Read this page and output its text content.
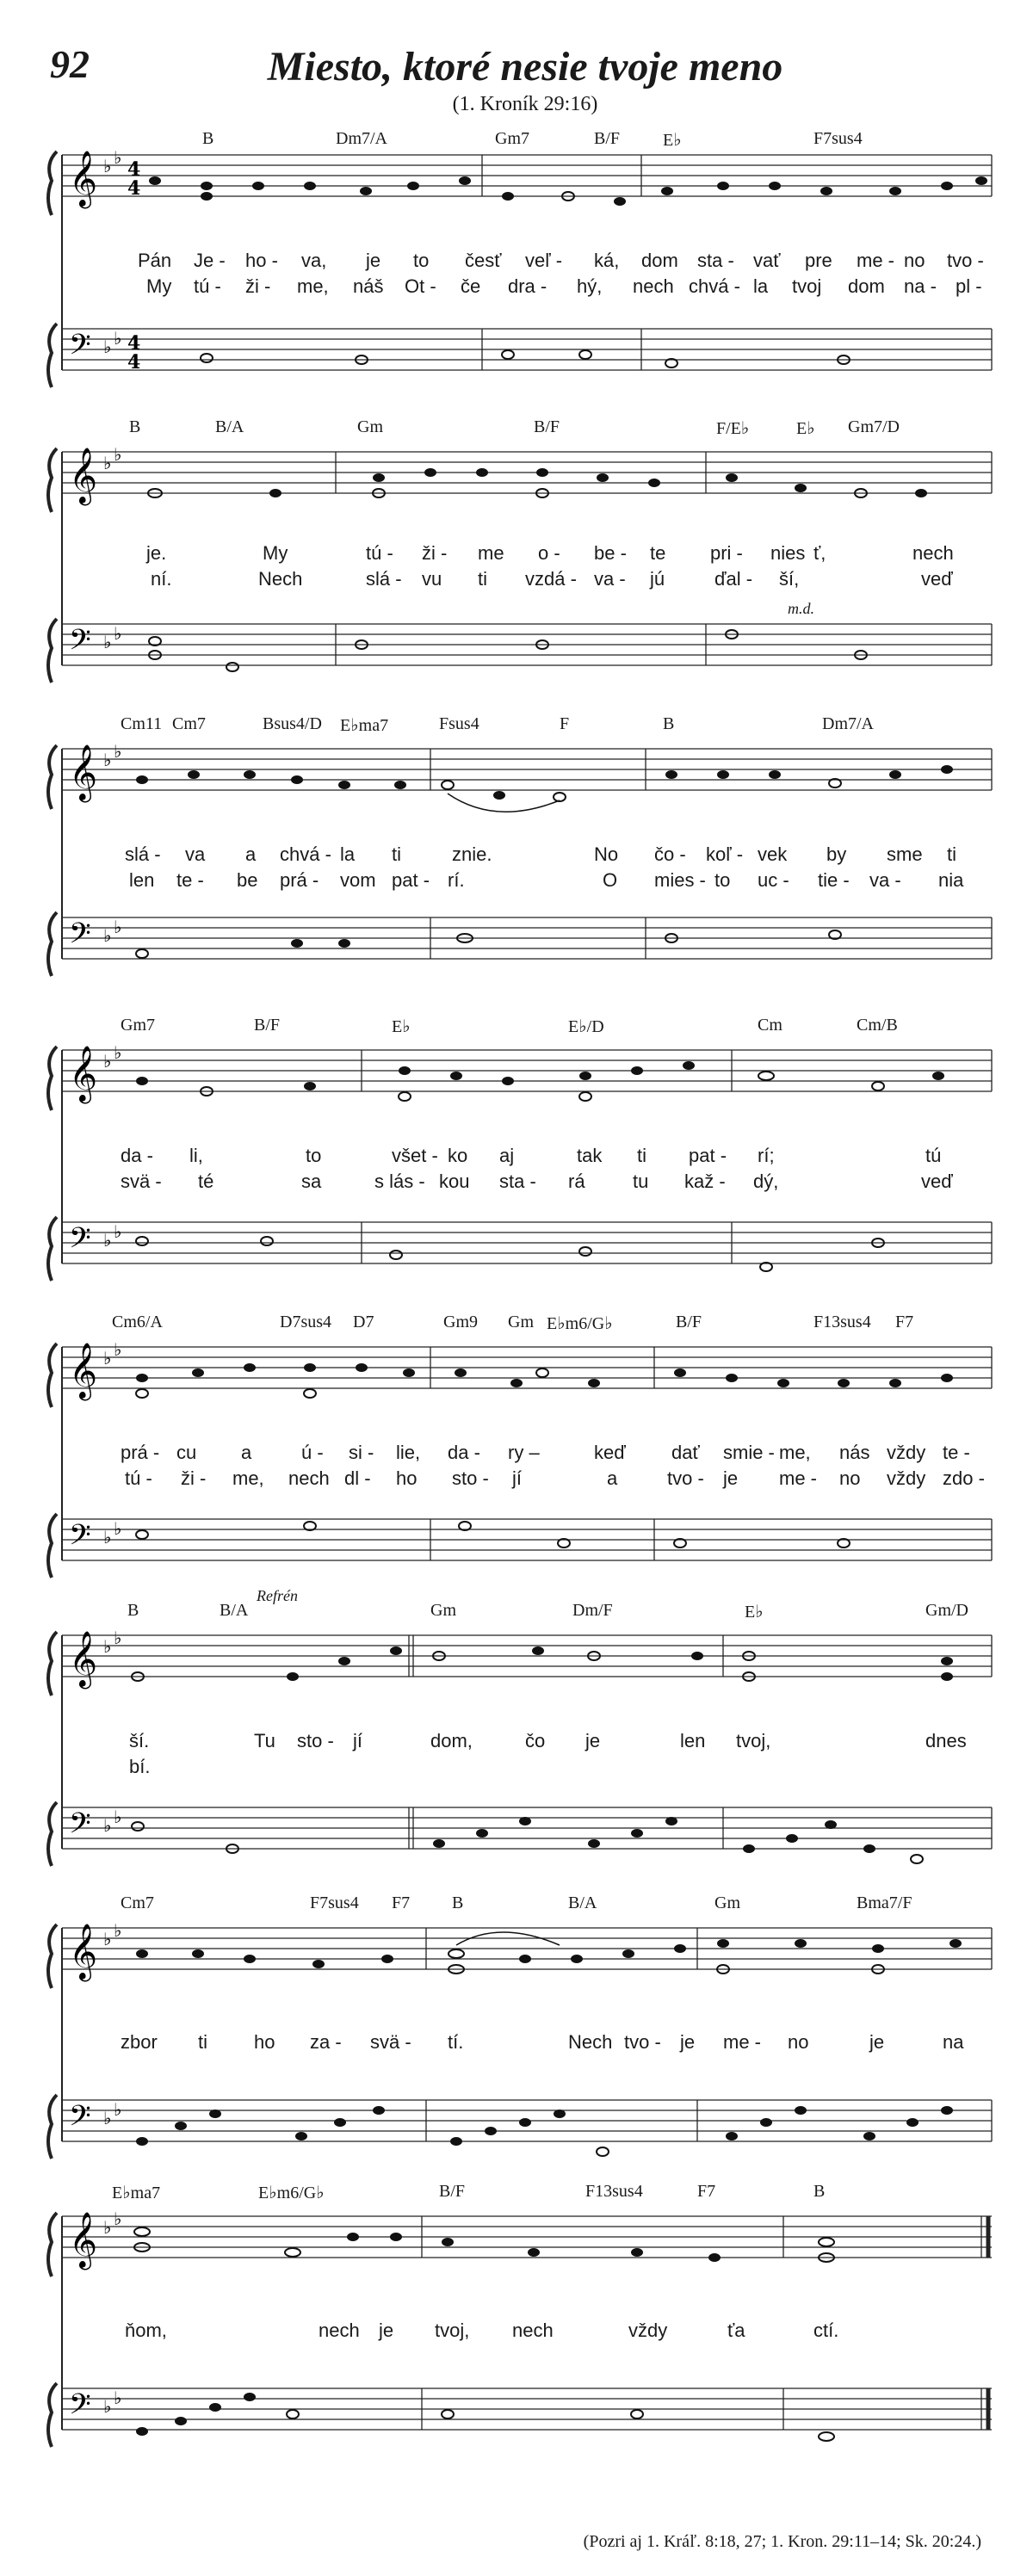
92	Miesto, ktoré nesie tvoje meno
(1. Kroník 29:16)
𝄞
𝄢
♭ ♭
♭ ♭
4
4
4
4
B	Dm7/A	Gm7	B/F E♭	F7sus4
Pán Je - ho - va, je to česť veľ - ká, dom sta - vať pre me - no tvo -
My tú - ži - me, náš Ot - če dra - hý, nech chvá - la tvoj dom na - pl -
𝄞
𝄢
♭ ♭
♭ ♭
B	B/A	Gm	B/F	F/E♭	E♭ Gm7/D
m.d.
je.	My	tú - ži - me o - be - te pri - nies ť,	nech
ní.	Nech	slá - vu ti vzdá - va - jú	ďal - ší,	veď
𝄞
𝄢
♭ ♭
♭ ♭
Cm11 Cm7	Bsus4/D E♭ma7	Fsus4	F	B	Dm7/A
slá - va a chvá - la ti	znie.	No čo - koľ - vek by sme ti
len te - be prá - vom pat - rí.	O mies - to uc - tie - va - nia
𝄞
𝄢
♭ ♭
♭ ♭
Gm7	B/F	E♭	E♭/D	Cm	Cm/B
da - li,	to	všet - ko aj	tak ti pat - rí;	tú
svä - té	sa	s lás - kou sta - rá	tu kaž - dý,	veď
𝄞
𝄢
♭ ♭
♭ ♭
Cm6/A	D7sus4 D7	Gm9 Gm E♭m6/G♭	B/F	F13sus4 F7
prá - cu a	ú - si - lie, da - ry –	keď dať smie - me, nás vždy te -
tú - ži - me, nech dl - ho sto - jí	a	tvo - je me - no vždy zdo -
𝄞
𝄢
♭ ♭
♭ ♭
B	B/A	Gm	Dm/F	E♭	Gm/D
Refrén
ší.	Tu sto - jí	dom,	čo je	len tvoj,	dnes
bí.
𝄞
𝄢
♭ ♭
♭ ♭
Cm7	F7sus4 F7 B	B/A	Gm	Bma7/F
zbor ti ho za - svä - tí.	Nech tvo - je me - no	je	na
𝄞
𝄢
♭ ♭
♭ ♭
E♭ma7	E♭m6/G♭	B/F	F13sus4	F7	B
ňom,	nech je tvoj, nech	vždy	ťa	ctí.
(Pozri aj 1. Kráľ. 8:18, 27; 1. Kron. 29:11–14; Sk. 20:24.)
